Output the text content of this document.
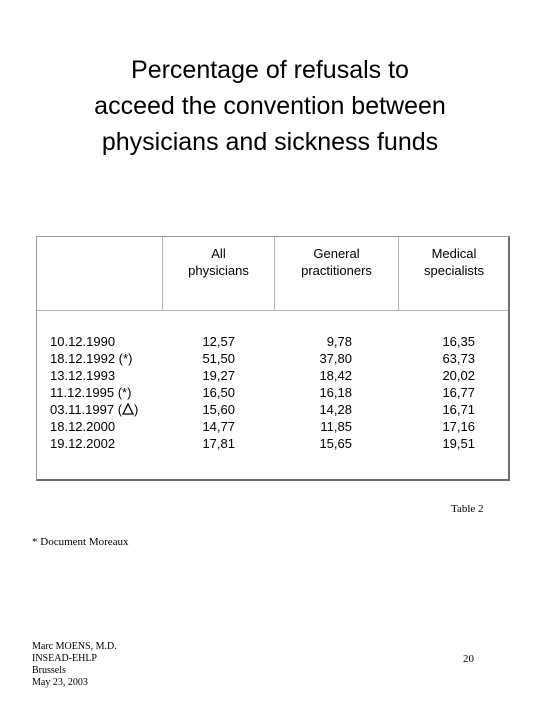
Percentage of refusals to
acceed the convention between
physicians and sickness funds
All
physicians
General
practitioners
Medical
specialists
10.12.1990
18.12.1992 (*)
13.12.1993
11.12.1995 (*)
03.11.1997 ( )
18.12.2000
19.12.2002
12,57
51,50
19,27
16,50
15,60
14,77
17,81
9,78
37,80
18,42
16,18
14,28
11,85
15,65
16,35
63,73
20,02
16,77
16,71
17,16
19,51
Table 2
* Document Moreaux
Marc MOENS, M.D.
INSEAD-EHLP
Brussels
May 23, 2003
20
